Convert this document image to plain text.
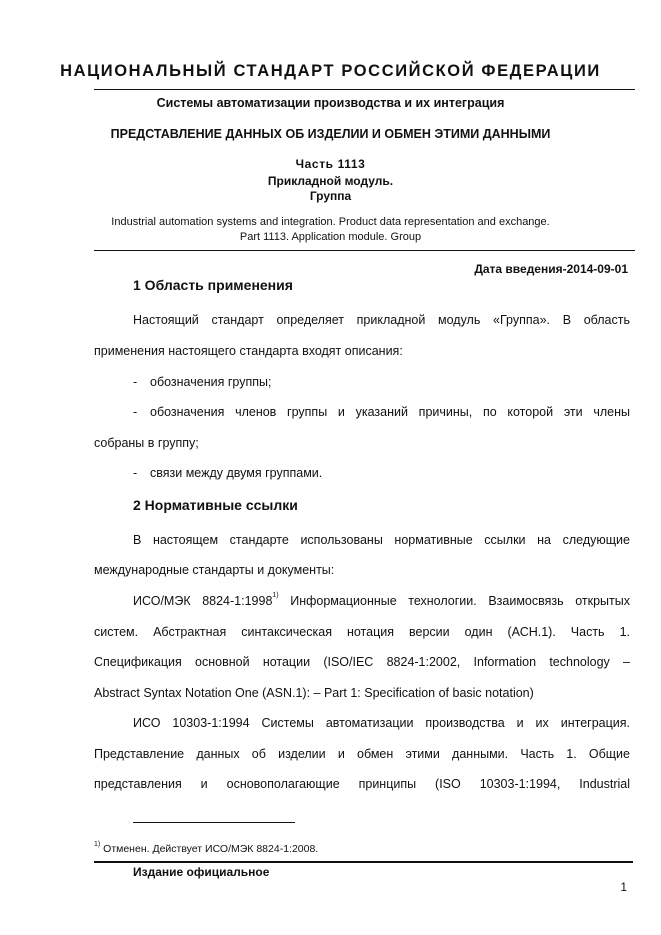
НАЦИОНАЛЬНЫЙ СТАНДАРТ РОССИЙСКОЙ ФЕДЕРАЦИИ
Системы автоматизации производства и их интеграция
ПРЕДСТАВЛЕНИЕ ДАННЫХ ОБ ИЗДЕЛИИ И ОБМЕН ЭТИМИ ДАННЫМИ
Часть 1113
Прикладной модуль.
Группа
Industrial automation systems and integration. Product data representation and exchange.
Part 1113. Application module. Group
Дата введения-2014-09-01
1 Область применения
Настоящий стандарт определяет прикладной модуль «Группа». В область
применения настоящего стандарта входят описания:
- обозначения группы;
- обозначения членов группы и указаний причины, по которой эти члены
собраны в группу;
- связи между двумя группами.
2 Нормативные ссылки
В настоящем стандарте использованы нормативные ссылки на следующие
международные стандарты и документы:
ИСО/МЭК 8824-1:1998$^{1)}$ Информационные технологии. Взаимосвязь открытых
систем. Абстрактная синтаксическая нотация версии один (АСН.1). Часть 1.
Спецификация основной нотации (ISO/IEC 8824-1:2002, Information technology –
Abstract Syntax Notation One (ASN.1): – Part 1: Specification of basic notation)
ИСО 10303-1:1994 Системы автоматизации производства и их интеграция.
Представление данных об изделии и обмен этими данными. Часть 1. Общие
представления и основополагающие принципы (ISO 10303-1:1994, Industrial
$^{1)}$ Отменен. Действует ИСО/МЭК 8824-1:2008.
Издание официальное
1
